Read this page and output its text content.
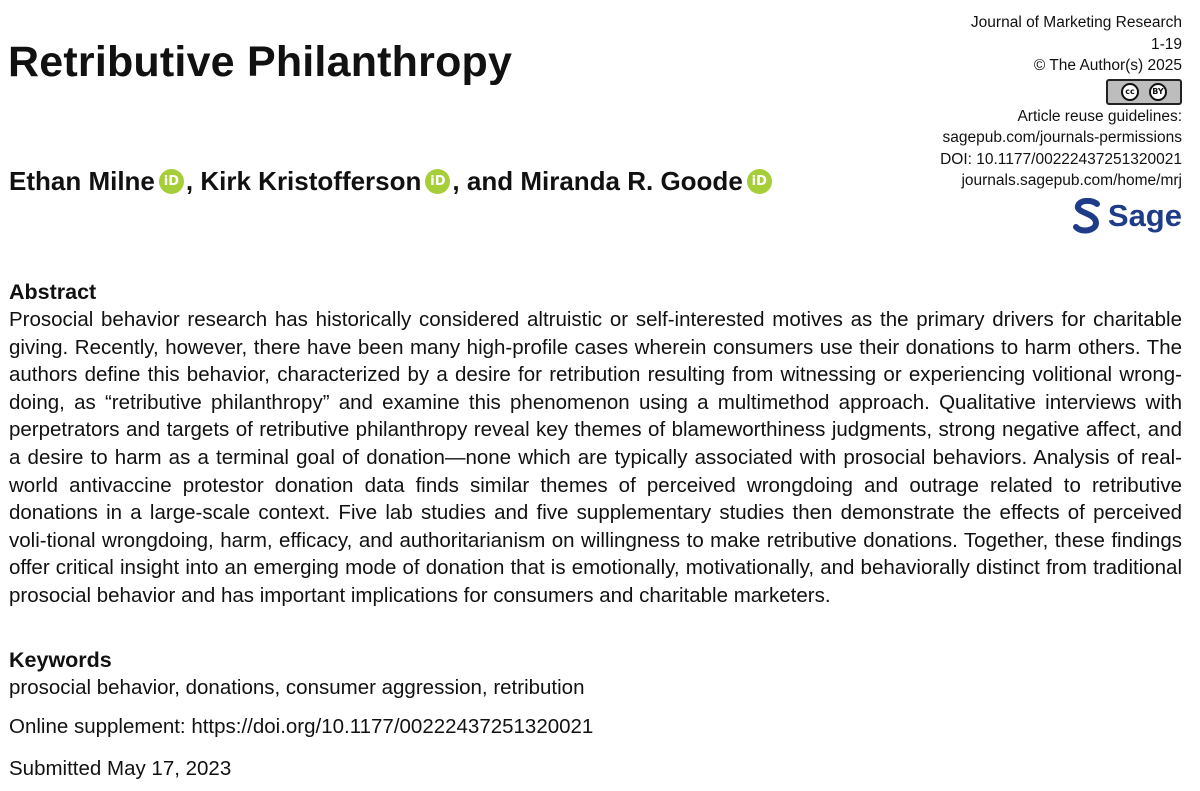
Retributive Philanthropy
Ethan Milne iD , Kirk Kristofferson iD , and Miranda R. Goode iD
Journal of Marketing Research
1-19
© The Author(s) 2025
cc	BY
Article reuse guidelines:
sagepub.com/journals-permissions
DOI: 10.1177/00222437251320021
journals.sagepub.com/home/mrj
Sage
Abstract

Prosocial behavior research has historically considered altruistic or self-interested motives as the primary drivers for charitable giving. Recently, however, there have been many high-profile cases wherein consumers use their donations to harm others. The authors define this behavior, characterized by a desire for retribution resulting from witnessing or experiencing volitional wrong-doing, as “retributive philanthropy” and examine this phenomenon using a multimethod approach. Qualitative interviews with perpetrators and targets of retributive philanthropy reveal key themes of blameworthiness judgments, strong negative affect, and a desire to harm as a terminal goal of donation—none which are typically associated with prosocial behaviors. Analysis of real-world antivaccine protestor donation data finds similar themes of perceived wrongdoing and outrage related to retributive donations in a large-scale context. Five lab studies and five supplementary studies then demonstrate the effects of perceived voli-tional wrongdoing, harm, efficacy, and authoritarianism on willingness to make retributive donations. Together, these findings offer critical insight into an emerging mode of donation that is emotionally, motivationally, and behaviorally distinct from traditional prosocial behavior and has important implications for consumers and charitable marketers.

Keywords

prosocial behavior, donations, consumer aggression, retribution

Online supplement: https://doi.org/10.1177/00222437251320021

Submitted May 17, 2023
